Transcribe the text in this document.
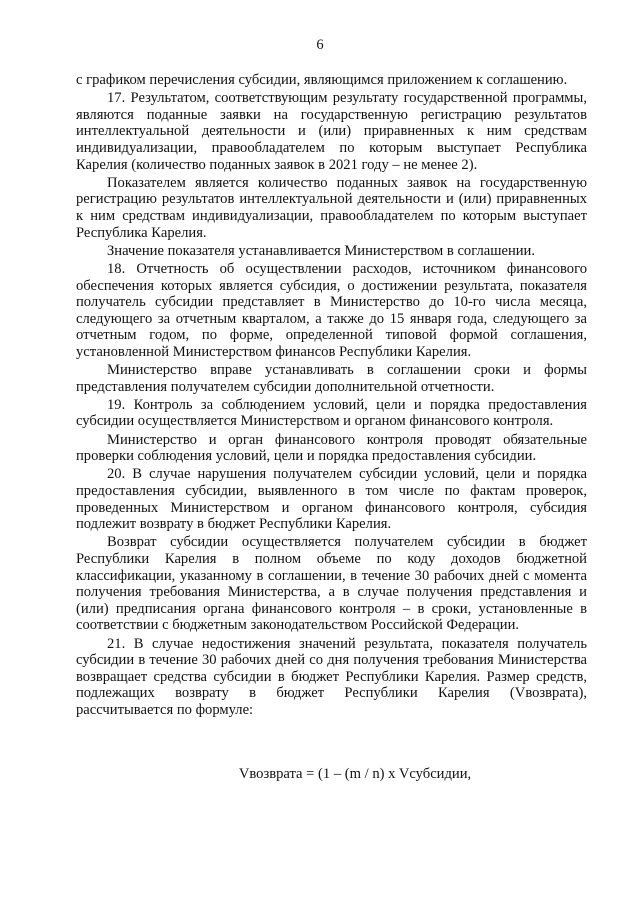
6

с графиком перечисления субсидии, являющимся приложением к соглашению.

17. Результатом, соответствующим результату государственной программы, являются поданные заявки на государственную регистрацию результатов интеллектуальной деятельности и (или) приравненных к ним средствам индивидуализации, правообладателем по которым выступает Республика Карелия (количество поданных заявок в 2021 году – не менее 2).

Показателем является количество поданных заявок на государственную регистрацию результатов интеллектуальной деятельности и (или) приравненных к ним средствам индивидуализации, правообладателем по которым выступает Республика Карелия.

Значение показателя устанавливается Министерством в соглашении.

18. Отчетность об осуществлении расходов, источником финансового обеспечения которых является субсидия, о достижении результата, показателя получатель субсидии представляет в Министерство до 10-го числа месяца, следующего за отчетным кварталом, а также до 15 января года, следующего за отчетным годом, по форме, определенной типовой формой соглашения, установленной Министерством финансов Республики Карелия.

Министерство вправе устанавливать в соглашении сроки и формы представления получателем субсидии дополнительной отчетности.

19. Контроль за соблюдением условий, цели и порядка предоставления субсидии осуществляется Министерством и органом финансового контроля.

Министерство и орган финансового контроля проводят обязательные проверки соблюдения условий, цели и порядка предоставления субсидии.

20. В случае нарушения получателем субсидии условий, цели и порядка предоставления субсидии, выявленного в том числе по фактам проверок, проведенных Министерством и органом финансового контроля, субсидия подлежит возврату в бюджет Республики Карелия.

Возврат субсидии осуществляется получателем субсидии в бюджет Республики Карелия в полном объеме по коду доходов бюджетной классификации, указанному в соглашении, в течение 30 рабочих дней с момента получения требования Министерства, а в случае получения представления и (или) предписания органа финансового контроля – в сроки, установленные в соответствии с бюджетным законодательством Российской Федерации.

21. В случае недостижения значений результата, показателя получатель субсидии в течение 30 рабочих дней со дня получения требования Министерства возвращает средства субсидии в бюджет Республики Карелия. Размер средств, подлежащих возврату в бюджет Республики Карелия (Vвозврата), рассчитывается по формуле:

Vвозврата = (1 – (m / n) x Vсубсидии,
